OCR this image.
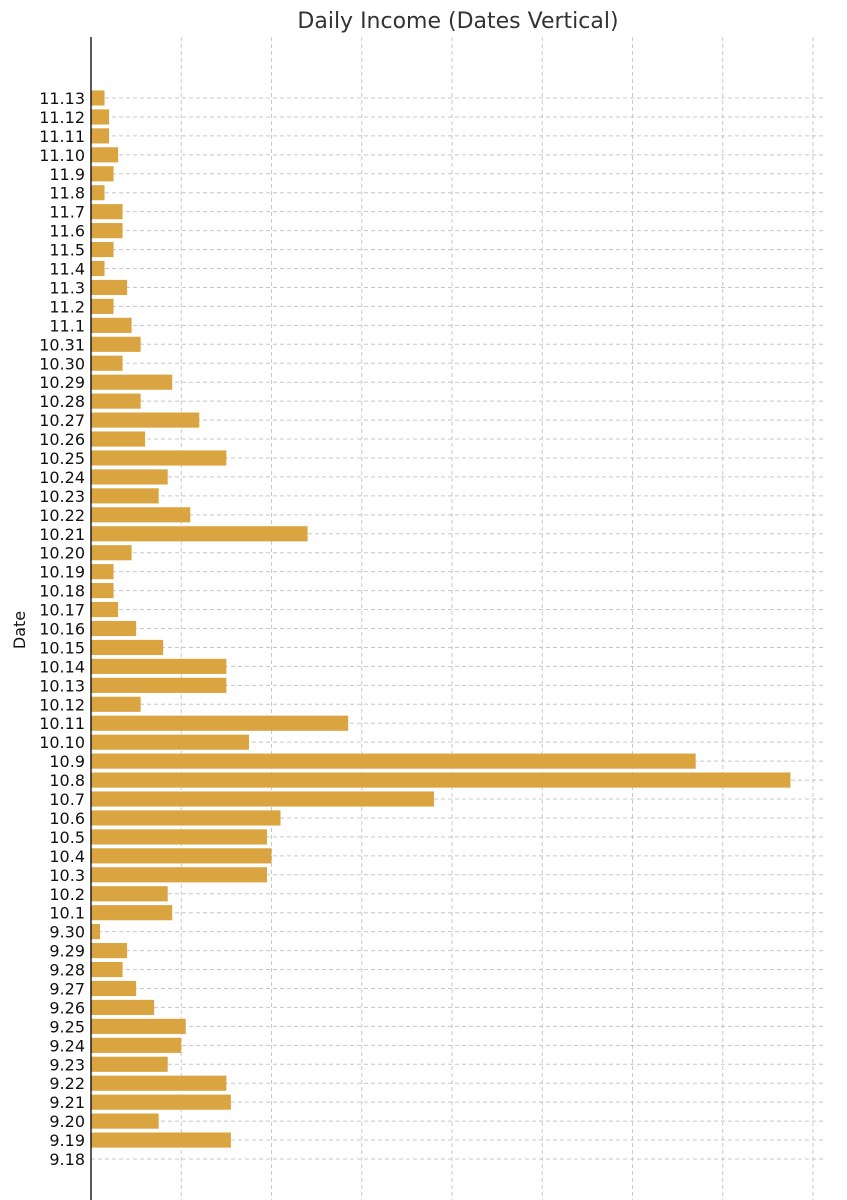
Daily Income (Dates Vertical)
Date
9.18
9.19
9.20
9.21
9.22
9.23
9.24
9.25
9.26
9.27
9.28
9.29
9.30
10.1
10.2
10.3
10.4
10.5
10.6
10.7
10.8
10.9
10.10
10.11
10.12
10.13
10.14
10.15
10.16
10.17
10.18
10.19
10.20
10.21
10.22
10.23
10.24
10.25
10.26
10.27
10.28
10.29
10.30
10.31
11.1
11.2
11.3
11.4
11.5
11.6
11.7
11.8
11.9
11.10
11.11
11.12
11.13
